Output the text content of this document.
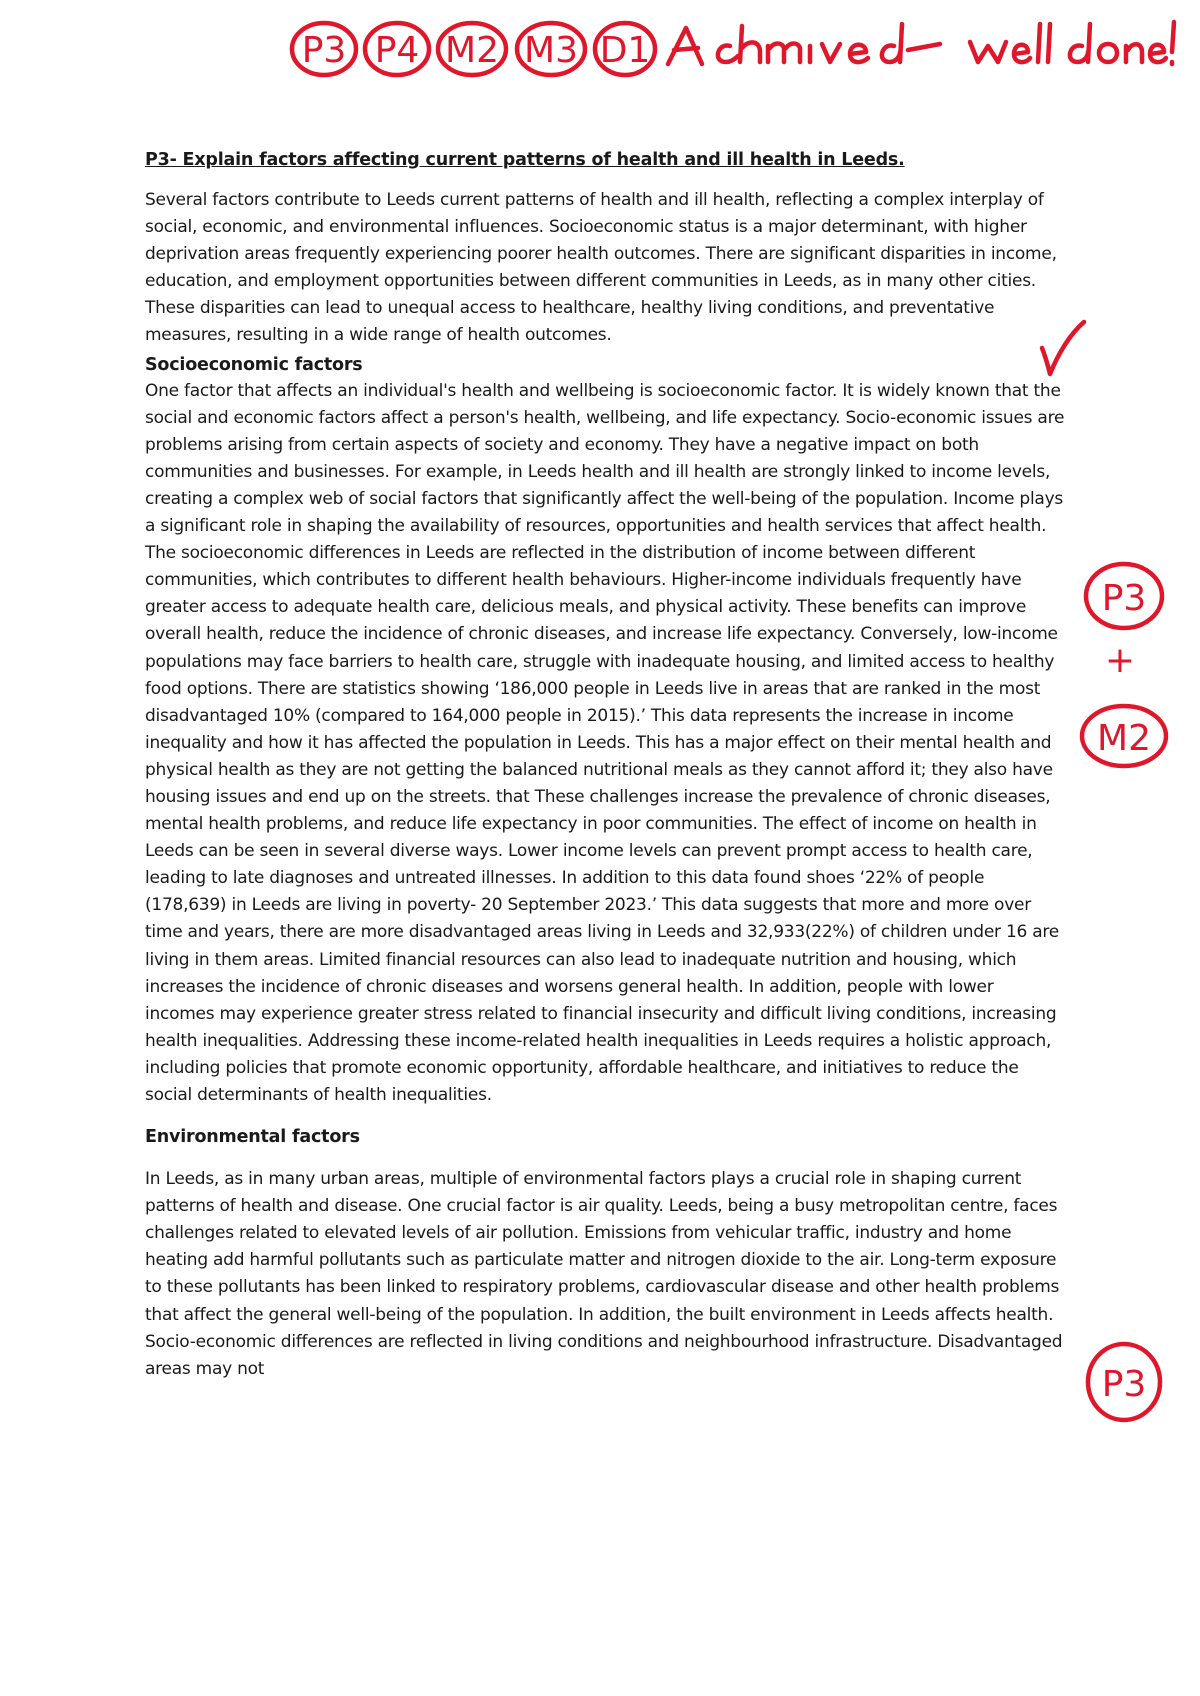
P3 P4 M2 M3 D1
P3
+
M2
P3

P3- Explain factors affecting current patterns of health and ill health in Leeds.

Several factors contribute to Leeds current patterns of health and ill health, reflecting a complex interplay of social, economic, and environmental influences. Socioeconomic status is a major determinant, with higher deprivation areas frequently experiencing poorer health outcomes. There are significant disparities in income, education, and employment opportunities between different communities in Leeds, as in many other cities. These disparities can lead to unequal access to healthcare, healthy living conditions, and preventative measures, resulting in a wide range of health outcomes.

Socioeconomic factors

One factor that affects an individual's health and wellbeing is socioeconomic factor. It is widely known that the social and economic factors affect a person's health, wellbeing, and life expectancy. Socio-economic issues are problems arising from certain aspects of society and economy. They have a negative impact on both communities and businesses. For example, in Leeds health and ill health are strongly linked to income levels, creating a complex web of social factors that significantly affect the well-being of the population. Income plays a significant role in shaping the availability of resources, opportunities and health services that affect health. The socioeconomic differences in Leeds are reflected in the distribution of income between different communities, which contributes to different health behaviours. Higher-income individuals frequently have greater access to adequate health care, delicious meals, and physical activity. These benefits can improve overall health, reduce the incidence of chronic diseases, and increase life expectancy. Conversely, low-income populations may face barriers to health care, struggle with inadequate housing, and limited access to healthy food options. There are statistics showing ‘186,000 people in Leeds live in areas that are ranked in the most disadvantaged 10% (compared to 164,000 people in 2015).’ This data represents the increase in income inequality and how it has affected the population in Leeds. This has a major effect on their mental health and physical health as they are not getting the balanced nutritional meals as they cannot afford it; they also have housing issues and end up on the streets. that These challenges increase the prevalence of chronic diseases, mental health problems, and reduce life expectancy in poor communities. The effect of income on health in Leeds can be seen in several diverse ways. Lower income levels can prevent prompt access to health care, leading to late diagnoses and untreated illnesses. In addition to this data found shoes ‘22% of people (178,639) in Leeds are living in poverty- 20 September 2023.’ This data suggests that more and more over time and years, there are more disadvantaged areas living in Leeds and 32,933(22%) of children under 16 are living in them areas. Limited financial resources can also lead to inadequate nutrition and housing, which increases the incidence of chronic diseases and worsens general health. In addition, people with lower incomes may experience greater stress related to financial insecurity and difficult living conditions, increasing health inequalities. Addressing these income-related health inequalities in Leeds requires a holistic approach, including policies that promote economic opportunity, affordable healthcare, and initiatives to reduce the social determinants of health inequalities.

Environmental factors

In Leeds, as in many urban areas, multiple of environmental factors plays a crucial role in shaping current patterns of health and disease. One crucial factor is air quality. Leeds, being a busy metropolitan centre, faces challenges related to elevated levels of air pollution. Emissions from vehicular traffic, industry and home heating add harmful pollutants such as particulate matter and nitrogen dioxide to the air. Long-term exposure to these pollutants has been linked to respiratory problems, cardiovascular disease and other health problems that affect the general well-being of the population. In addition, the built environment in Leeds affects health. Socio-economic differences are reflected in living conditions and neighbourhood infrastructure. Disadvantaged areas may not
